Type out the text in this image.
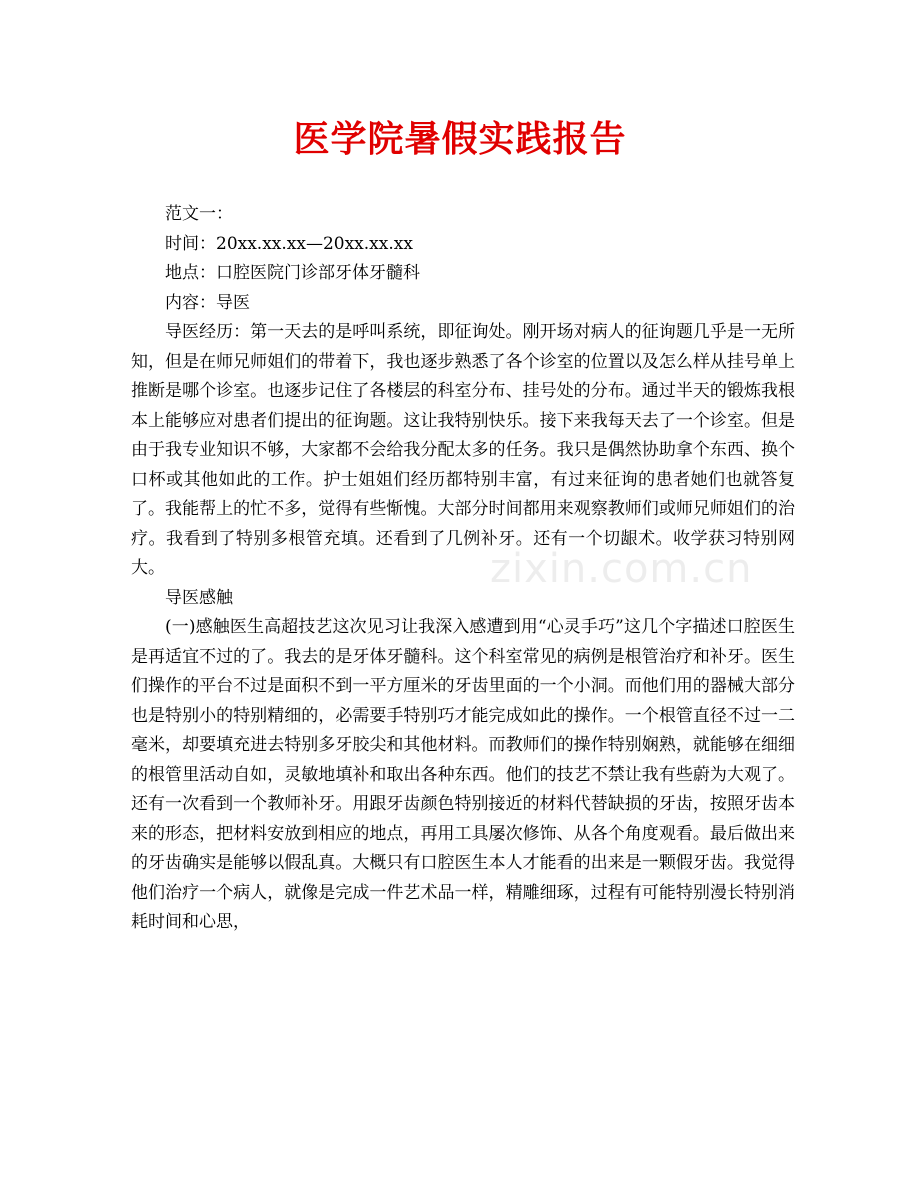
医学院暑假实践报告

范文一：

时间：20xx.xx.xx—20xx.xx.xx

地点：口腔医院门诊部牙体牙髓科

内容：导医

导医经历：第一天去的是呼叫系统，即征询处。刚开场对病人的征询题几乎是一无所知，但是在师兄师姐们的带着下，我也逐步熟悉了各个诊室的位置以及怎么样从挂号单上推断是哪个诊室。也逐步记住了各楼层的科室分布、挂号处的分布。通过半天的锻炼我根本上能够应对患者们提出的征询题。这让我特别快乐。接下来我每天去了一个诊室。但是由于我专业知识不够，大家都不会给我分配太多的任务。我只是偶然协助拿个东西、换个口杯或其他如此的工作。护士姐姐们经历都特别丰富，有过来征询的患者她们也就答复了。我能帮上的忙不多，觉得有些惭愧。大部分时间都用来观察教师们或师兄师姐们的治疗。我看到了特别多根管充填。还看到了几例补牙。还有一个切龈术。收学获习特别网大。

导医感触

(一)感触医生高超技艺这次见习让我深入感遭到用“心灵手巧”这几个字描述口腔医生是再适宜不过的了。我去的是牙体牙髓科。这个科室常见的病例是根管治疗和补牙。医生们操作的平台不过是面积不到一平方厘米的牙齿里面的一个小洞。而他们用的器械大部分也是特别小的特别精细的，必需要手特别巧才能完成如此的操作。一个根管直径不过一二毫米，却要填充进去特别多牙胶尖和其他材料。而教师们的操作特别娴熟，就能够在细细的根管里活动自如，灵敏地填补和取出各种东西。他们的技艺不禁让我有些蔚为大观了。还有一次看到一个教师补牙。用跟牙齿颜色特别接近的材料代替缺损的牙齿，按照牙齿本来的形态，把材料安放到相应的地点，再用工具屡次修饰、从各个角度观看。最后做出来的牙齿确实是能够以假乱真。大概只有口腔医生本人才能看的出来是一颗假牙齿。我觉得他们治疗一个病人，就像是完成一件艺术品一样，精雕细琢，过程有可能特别漫长特别消耗时间和心思，

zixin.com.cn
